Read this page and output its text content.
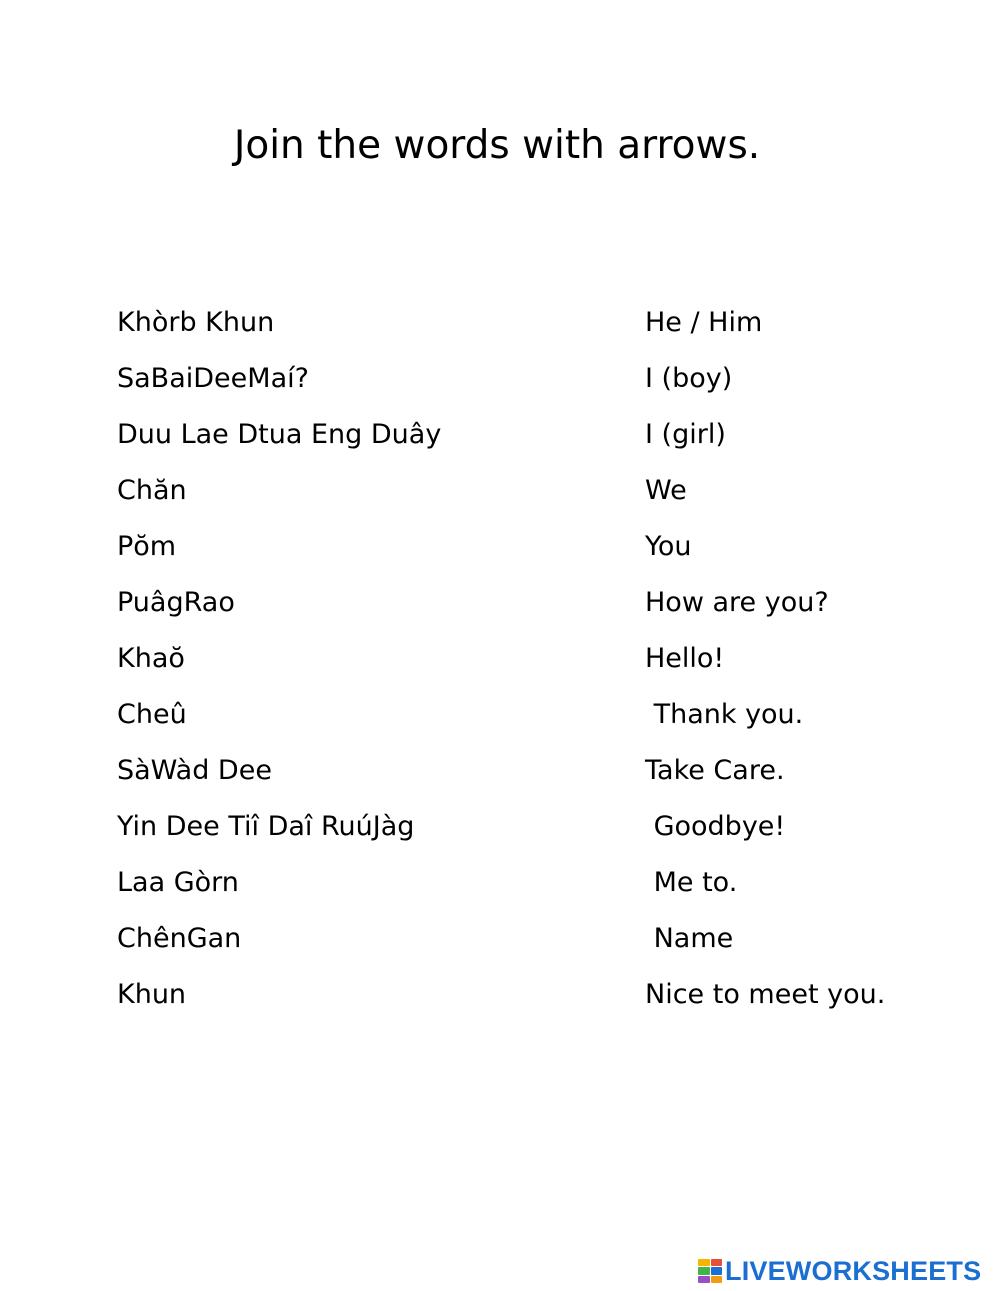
Join the words with arrows.
Khòrb Khun
SaBaiDeeMaí?
Duu Lae Dtua Eng Duây
Chăn
Pŏm
PuâgRao
Khaŏ
Cheû
SàWàd Dee
Yin Dee Tiî Daî RuúJàg
Laa Gòrn
ChênGan
Khun
He / Him
I (boy)
I (girl)
We
You
How are you?
Hello!
Thank you.
Take Care.
Goodbye!
Me to.
Name
Nice to meet you.
LIVEWORKSHEETS
